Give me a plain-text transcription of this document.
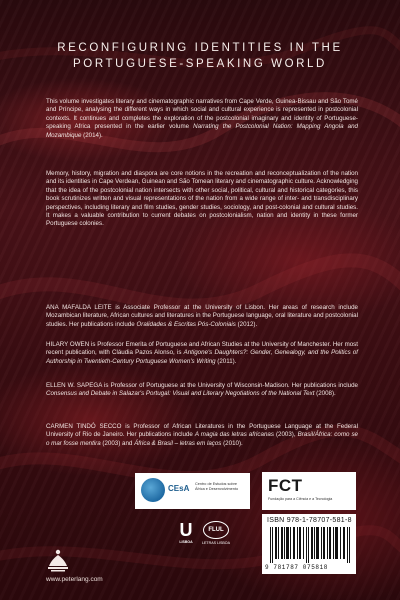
RECONFIGURING IDENTITIES IN THE
PORTUGUESE-SPEAKING WORLD

This volume investigates literary and cinematographic narratives from Cape Verde, Guinea-Bissau and São Tomé and Príncipe, analysing the different ways in which social and cultural experience is represented in postcolonial contexts. It continues and completes the exploration of the postcolonial imaginary and identity of Portuguese-speaking Africa presented in the earlier volume Narrating the Postcolonial Nation: Mapping Angola and Mozambique (2014).

Memory, history, migration and diaspora are core notions in the recreation and reconceptualization of the nation and its identities in Cape Verdean, Guinean and São Tomean literary and cinematographic culture. Acknowledging that the idea of the postcolonial nation intersects with other social, political, cultural and historical categories, this book scrutinizes written and visual representations of the nation from a wide range of inter- and transdisciplinary perspectives, including literary and film studies, gender studies, sociology, and post-colonial and cultural studies. It makes a valuable contribution to current debates on postcolonialism, nation and identity in these former Portuguese colonies.

ANA MAFALDA LEITE is Associate Professor at the University of Lisbon. Her areas of research include Mozambican literature, African cultures and literatures in the Portuguese language, oral literature and postcolonial studies. Her publications include Oralidades & Escritas Pós-Coloniais (2012).

HILARY OWEN is Professor Emerita of Portuguese and African Studies at the University of Manchester. Her most recent publication, with Cláudia Pazos Alonso, is Antigone's Daughters?: Gender, Genealogy, and the Politics of Authorship in Twentieth-Century Portuguese Women's Writing (2011).

ELLEN W. SAPEGA is Professor of Portuguese at the University of Wisconsin-Madison. Her publications include Consensus and Debate in Salazar's Portugal: Visual and Literary Negotiations of the National Text (2008).

CARMEN TINDÓ SECCO is Professor of African Literatures in the Portuguese Language at the Federal University of Rio de Janeiro. Her publications include A magia das letras africanas (2003), Brasil/África: como se o mar fosse mentira (2003) and África & Brasil – letras em laços (2010).

CEsA Centro de Estudos sobre África e Desenvolvimento	FCT
Fundação para a Ciência e a Tecnologia
U
LISBOA
FLUL
LETRAS LISBOA
ISBN 978-1-78707-581-8
9 781787 075818
www.peterlang.com
